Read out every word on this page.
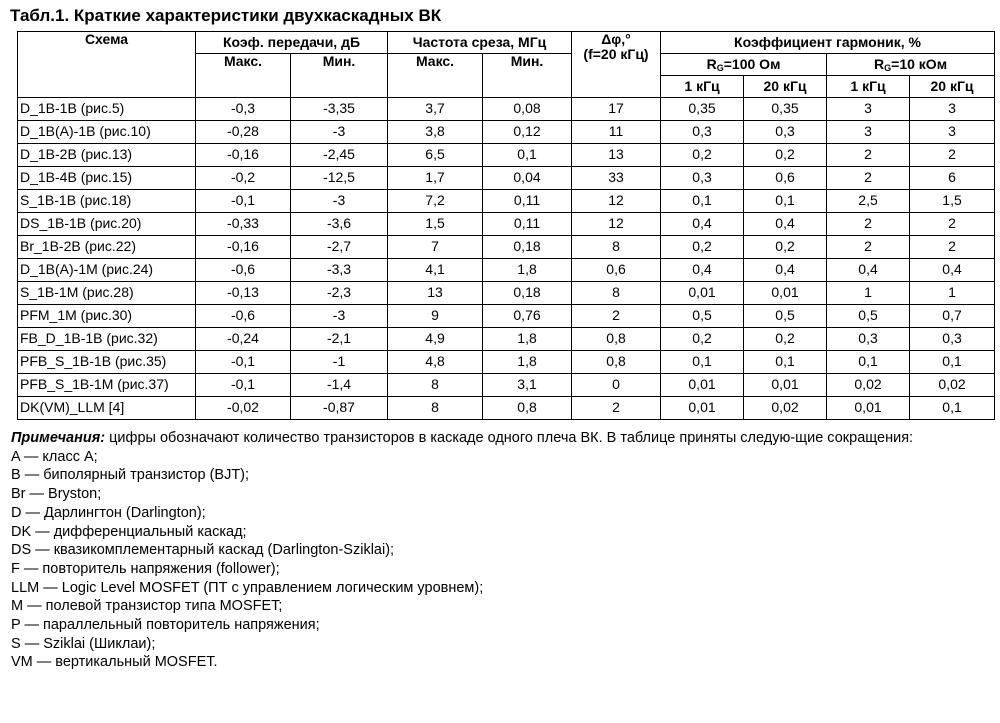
Табл.1. Краткие характеристики двухкаскадных ВК
Схема	Коэф. передачи, дБ		Частота среза, МГц		Δφ,°
(f=20 кГц)	Коэффициент гармоник, %			
	Макс.	Мин.	Макс.	Мин.		$R_G=100$ Ом		$R_G=10$ кОм	
						1 кГц	20 кГц	1 кГц	20 кГц
D_1B-1B (рис.5)	-0,3	-3,35	3,7	0,08	17	0,35	0,35	3	3
D_1B(A)-1B (рис.10)	-0,28	-3	3,8	0,12	11	0,3	0,3	3	3
D_1B-2B (рис.13)	-0,16	-2,45	6,5	0,1	13	0,2	0,2	2	2
D_1B-4B (рис.15)	-0,2	-12,5	1,7	0,04	33	0,3	0,6	2	6
S_1B-1B (рис.18)	-0,1	-3	7,2	0,11	12	0,1	0,1	2,5	1,5
DS_1B-1B (рис.20)	-0,33	-3,6	1,5	0,11	12	0,4	0,4	2	2
Br_1B-2B (рис.22)	-0,16	-2,7	7	0,18	8	0,2	0,2	2	2
D_1B(A)-1M (рис.24)	-0,6	-3,3	4,1	1,8	0,6	0,4	0,4	0,4	0,4
S_1B-1M (рис.28)	-0,13	-2,3	13	0,18	8	0,01	0,01	1	1
PFM_1M (рис.30)	-0,6	-3	9	0,76	2	0,5	0,5	0,5	0,7
FB_D_1B-1B (рис.32)	-0,24	-2,1	4,9	1,8	0,8	0,2	0,2	0,3	0,3
PFB_S_1B-1B (рис.35)	-0,1	-1	4,8	1,8	0,8	0,1	0,1	0,1	0,1
PFB_S_1B-1M (рис.37)	-0,1	-1,4	8	3,1	0	0,01	0,01	0,02	0,02
DK(VM)_LLM [4]	-0,02	-0,87	8	0,8	2	0,01	0,02	0,01	0,1

Примечания: цифры обозначают количество транзисторов в каскаде одного плеча ВК. В таблице приняты следую-щие сокращения:

A — класс A;
B — биполярный транзистор (BJT);
Br — Bryston;
D — Дарлингтон (Darlington);
DK — дифференциальный каскад;
DS — квазикомплементарный каскад (Darlington-Sziklai);
F — повторитель напряжения (follower);
LLM — Logic Level MOSFET (ПТ с управлением логическим уровнем);
M — полевой транзистор типа MOSFET;
P — параллельный повторитель напряжения;
S — Sziklai (Шиклаи);
VM — вертикальный MOSFET.
